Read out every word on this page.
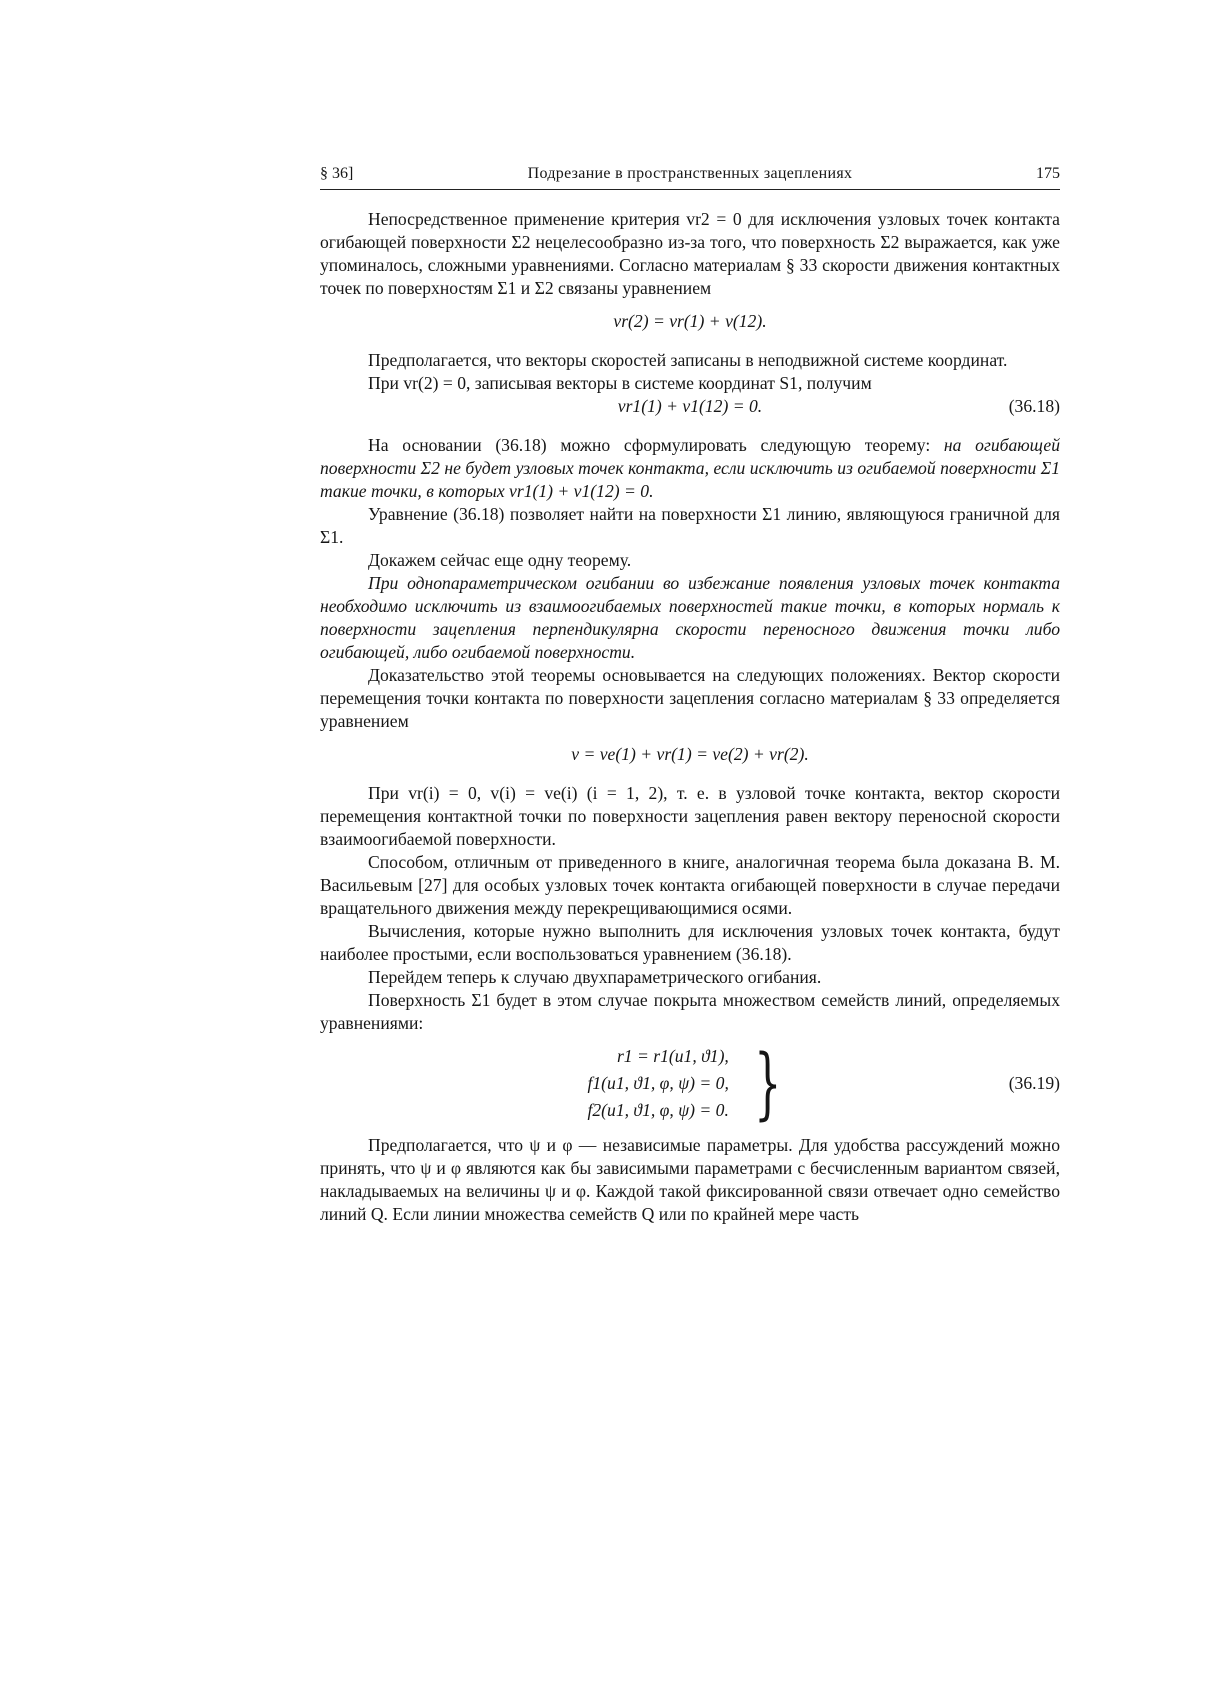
§ 36]	Подрезание в пространственных зацеплениях	175

Непосредственное применение критерия vr2 = 0 для исключения узловых точек контакта огибающей поверхности Σ2 нецелесообразно из-за того, что поверхность Σ2 выражается, как уже упоминалось, сложными уравнениями. Согласно материалам § 33 скорости движения контактных точек по поверхностям Σ1 и Σ2 связаны уравнением

vr(2) = vr(1) + v(12).

Предполагается, что векторы скоростей записаны в неподвижной системе координат.

При vr(2) = 0, записывая векторы в системе координат S1, получим

vr1(1) + v1(12) = 0.	(36.18)

На основании (36.18) можно сформулировать следующую теорему: на огибающей поверхности Σ2 не будет узловых точек контакта, если исключить из огибаемой поверхности Σ1 такие точки, в которых vr1(1) + v1(12) = 0.

Уравнение (36.18) позволяет найти на поверхности Σ1 линию, являющуюся граничной для Σ1.

Докажем сейчас еще одну теорему.

При однопараметрическом огибании во избежание появления узловых точек контакта необходимо исключить из взаимоогибаемых поверхностей такие точки, в которых нормаль к поверхности зацепления перпендикулярна скорости переносного движения точки либо огибающей, либо огибаемой поверхности.

Доказательство этой теоремы основывается на следующих положениях. Вектор скорости перемещения точки контакта по поверхности зацепления согласно материалам § 33 определяется уравнением

v = ve(1) + vr(1) = ve(2) + vr(2).

При vr(i) = 0, v(i) = ve(i) (i = 1, 2), т. е. в узловой точке контакта, вектор скорости перемещения контактной точки по поверхности зацепления равен вектору переносной скорости взаимоогибаемой поверхности.

Способом, отличным от приведенного в книге, аналогичная теорема была доказана В. М. Васильевым [27] для особых узловых точек контакта огибающей поверхности в случае передачи вращательного движения между перекрещивающимися осями.

Вычисления, которые нужно выполнить для исключения узловых точек контакта, будут наиболее простыми, если воспользоваться уравнением (36.18).

Перейдем теперь к случаю двухпараметрического огибания.

Поверхность Σ1 будет в этом случае покрыта множеством семейств линий, определяемых уравнениями:

r1 = r1(u1, ϑ1),
f1(u1, ϑ1, φ, ψ) = 0,
f2(u1, ϑ1, φ, ψ) = 0. }	(36.19)

Предполагается, что ψ и φ — независимые параметры. Для удобства рассуждений можно принять, что ψ и φ являются как бы зависимыми параметрами с бесчисленным вариантом связей, накладываемых на величины ψ и φ. Каждой такой фиксированной связи отвечает одно семейство линий Q. Если линии множества семейств Q или по крайней мере часть
